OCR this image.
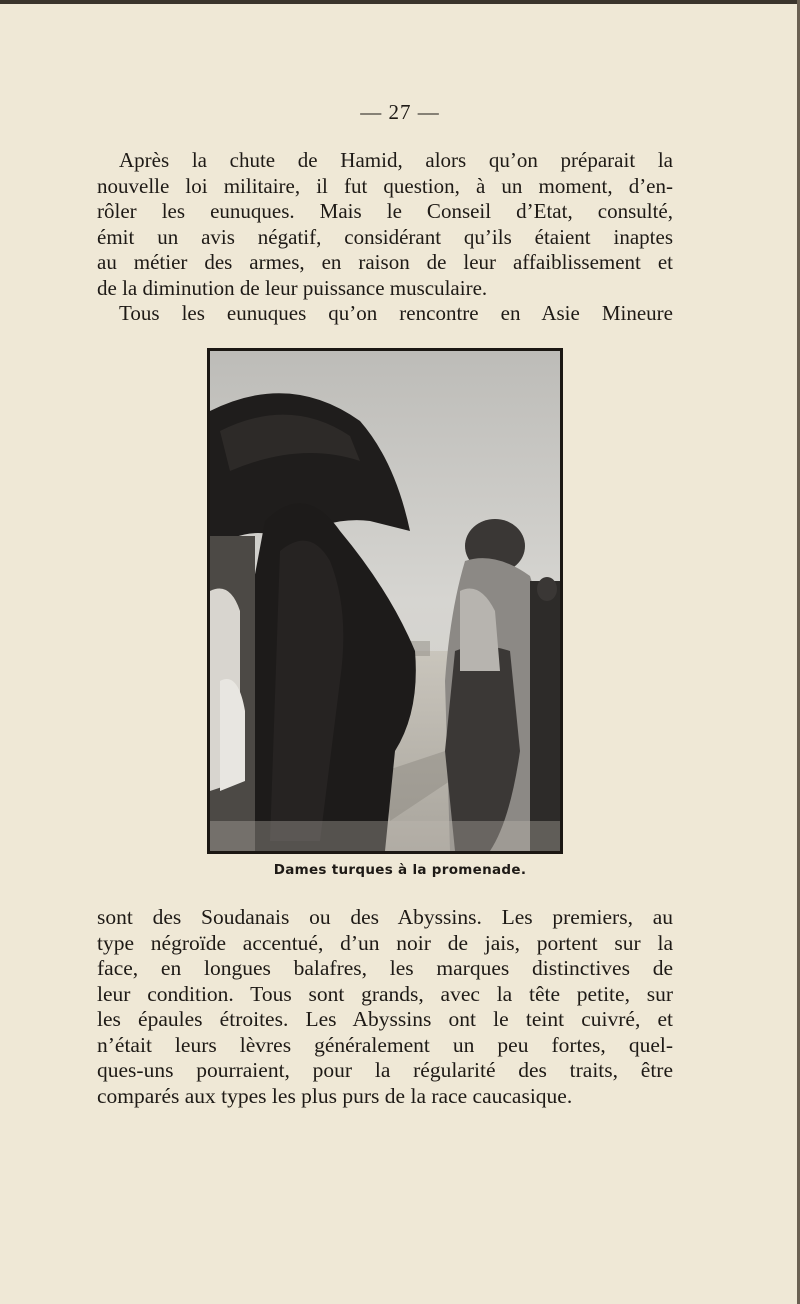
— 27 —
Après la chute de Hamid, alors qu’on préparait la
nouvelle loi militaire, il fut question, à un moment, d’en-
rôler les eunuques. Mais le Conseil d’Etat, consulté,
émit un avis négatif, considérant qu’ils étaient inaptes
au métier des armes, en raison de leur affaiblissement et
de la diminution de leur puissance musculaire.
Tous les eunuques qu’on rencontre en Asie Mineure
Dames turques à la promenade.
sont des Soudanais ou des Abyssins. Les premiers, au
type négroïde accentué, d’un noir de jais, portent sur la
face, en longues balafres, les marques distinctives de
leur condition. Tous sont grands, avec la tête petite, sur
les épaules étroites. Les Abyssins ont le teint cuivré, et
n’était leurs lèvres généralement un peu fortes, quel-
ques-uns pourraient, pour la régularité des traits, être
comparés aux types les plus purs de la race caucasique.
